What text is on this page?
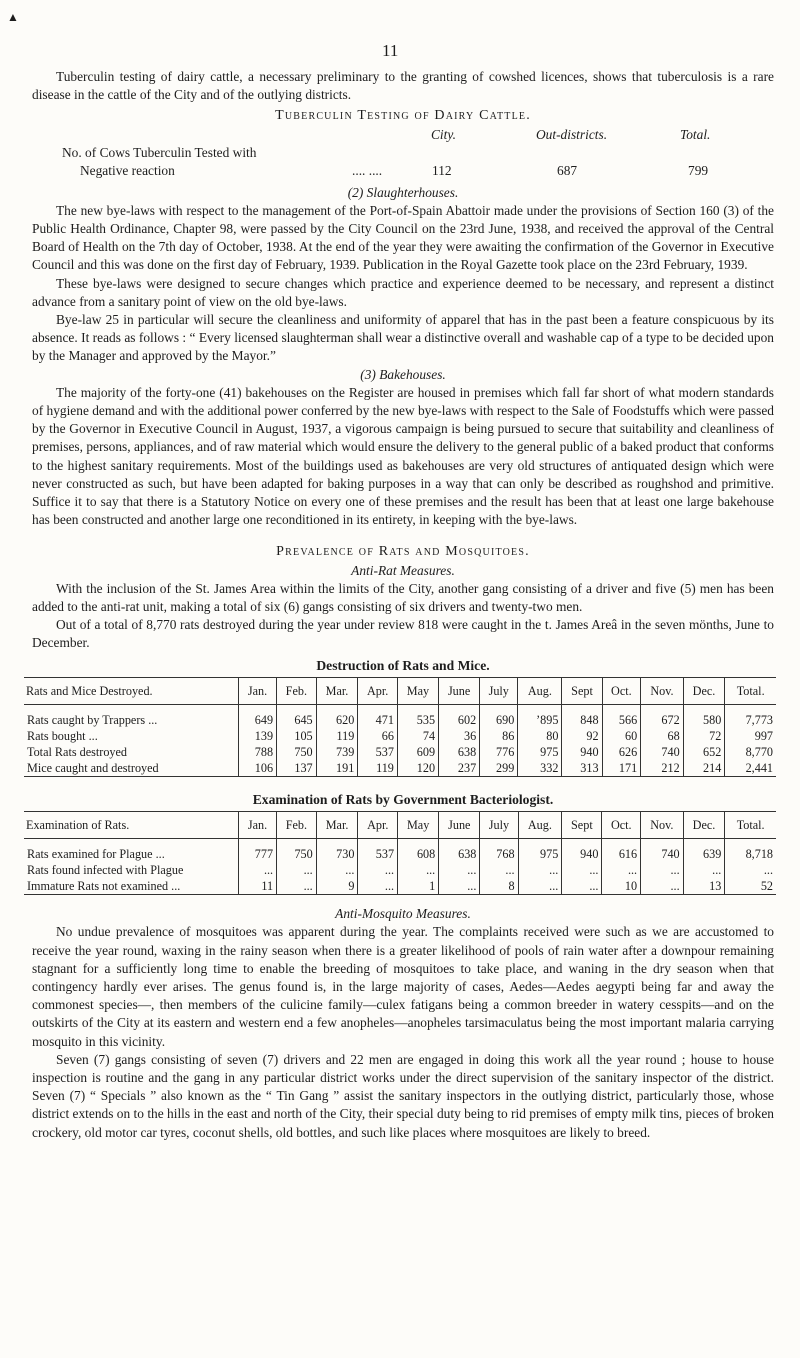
▲
11

Tuberculin testing of dairy cattle, a necessary preliminary to the granting of cowshed licences, shows that tuberculosis is a rare disease in the cattle of the City and of the outlying districts.

Tuberculin Testing of Dairy Cattle.
City.	Out-districts.	Total.
No. of Cows Tuberculin Tested with
Negative reaction	.... ....	112	687	799
(2) Slaughterhouses.

The new bye-laws with respect to the management of the Port-of-Spain Abattoir made under the provisions of Section 160 (3) of the Public Health Ordinance, Chapter 98, were passed by the City Council on the 23rd June, 1938, and received the approval of the Central Board of Health on the 7th day of October, 1938. At the end of the year they were awaiting the confirmation of the Governor in Executive Council and this was done on the first day of February, 1939. Publication in the Royal Gazette took place on the 23rd February, 1939.

These bye-laws were designed to secure changes which practice and experience deemed to be necessary, and represent a distinct advance from a sanitary point of view on the old bye-laws.

Bye-law 25 in particular will secure the cleanliness and uniformity of apparel that has in the past been a feature conspicuous by its absence. It reads as follows : “ Every licensed slaughterman shall wear a distinctive overall and washable cap of a type to be decided upon by the Manager and approved by the Mayor.”

(3) Bakehouses.

The majority of the forty-one (41) bakehouses on the Register are housed in premises which fall far short of what modern standards of hygiene demand and with the additional power conferred by the new bye-laws with respect to the Sale of Foodstuffs which were passed by the Governor in Executive Council in August, 1937, a vigorous campaign is being pursued to secure that suitability and cleanliness of premises, persons, appliances, and of raw material which would ensure the delivery to the general public of a baked product that conforms to the highest sanitary requirements. Most of the buildings used as bakehouses are very old structures of antiquated design which were never constructed as such, but have been adapted for baking purposes in a way that can only be described as roughshod and primitive. Suffice it to say that there is a Statutory Notice on every one of these premises and the result has been that at least one large bakehouse has been constructed and another large one reconditioned in its entirety, in keeping with the bye-laws.

Prevalence of Rats and Mosquitoes.
Anti-Rat Measures.

With the inclusion of the St. James Area within the limits of the City, another gang consisting of a driver and five (5) men has been added to the anti-rat unit, making a total of six (6) gangs consisting of six drivers and twenty-two men.

Out of a total of 8,770 rats destroyed during the year under review 818 were caught in the t. James Areâ in the seven mönths, June to December.

Destruction of Rats and Mice.
Rats and Mice Destroyed.	Jan.	Feb.	Mar.	Apr.	May	June	July	Aug.	Sept	Oct.	Nov.	Dec.	Total.
Rats caught by Trappers ...	649	645	620	471	535	602	690	ʼ895	848	566	672	580	7,773
Rats bought ...	139	105	119	66	74	36	86	80	92	60	68	72	997
Total Rats destroyed	788	750	739	537	609	638	776	975	940	626	740	652	8,770
Mice caught and destroyed	106	137	191	119	120	237	299	332	313	171	212	214	2,441
Examination of Rats by Government Bacteriologist.
Examination of Rats.	Jan.	Feb.	Mar.	Apr.	May	June	July	Aug.	Sept	Oct.	Nov.	Dec.	Total.
Rats examined for Plague ...	777	750	730	537	608	638	768	975	940	616	740	639	8,718
Rats found infected with Plague	...	...	...	...	...	...	...	...	...	...	...	...	...
Immature Rats not examined ...	11	...	9	...	1	...	8	...	...	10	...	13	52
Anti-Mosquito Measures.

No undue prevalence of mosquitoes was apparent during the year. The complaints received were such as we are accustomed to receive the year round, waxing in the rainy season when there is a greater likelihood of pools of rain water after a downpour remaining stagnant for a sufficiently long time to enable the breeding of mosquitoes to take place, and waning in the dry season when that contingency hardly ever arises. The genus found is, in the large majority of cases, Aedes—Aedes aegypti being far and away the commonest species—, then members of the culicine family—culex fatigans being a common breeder in watery cesspits—and on the outskirts of the City at its eastern and western end a few anopheles—anopheles tarsimaculatus being the most important malaria carrying mosquito in this vicinity.

Seven (7) gangs consisting of seven (7) drivers and 22 men are engaged in doing this work all the year round ; house to house inspection is routine and the gang in any particular district works under the direct supervision of the sanitary inspector of the district. Seven (7) “ Specials ” also known as the “ Tin Gang ” assist the sanitary inspectors in the outlying district, particularly those, whose district extends on to the hills in the east and north of the City, their special duty being to rid premises of empty milk tins, pieces of broken crockery, old motor car tyres, coconut shells, old bottles, and such like places where mosquitoes are likely to breed.
